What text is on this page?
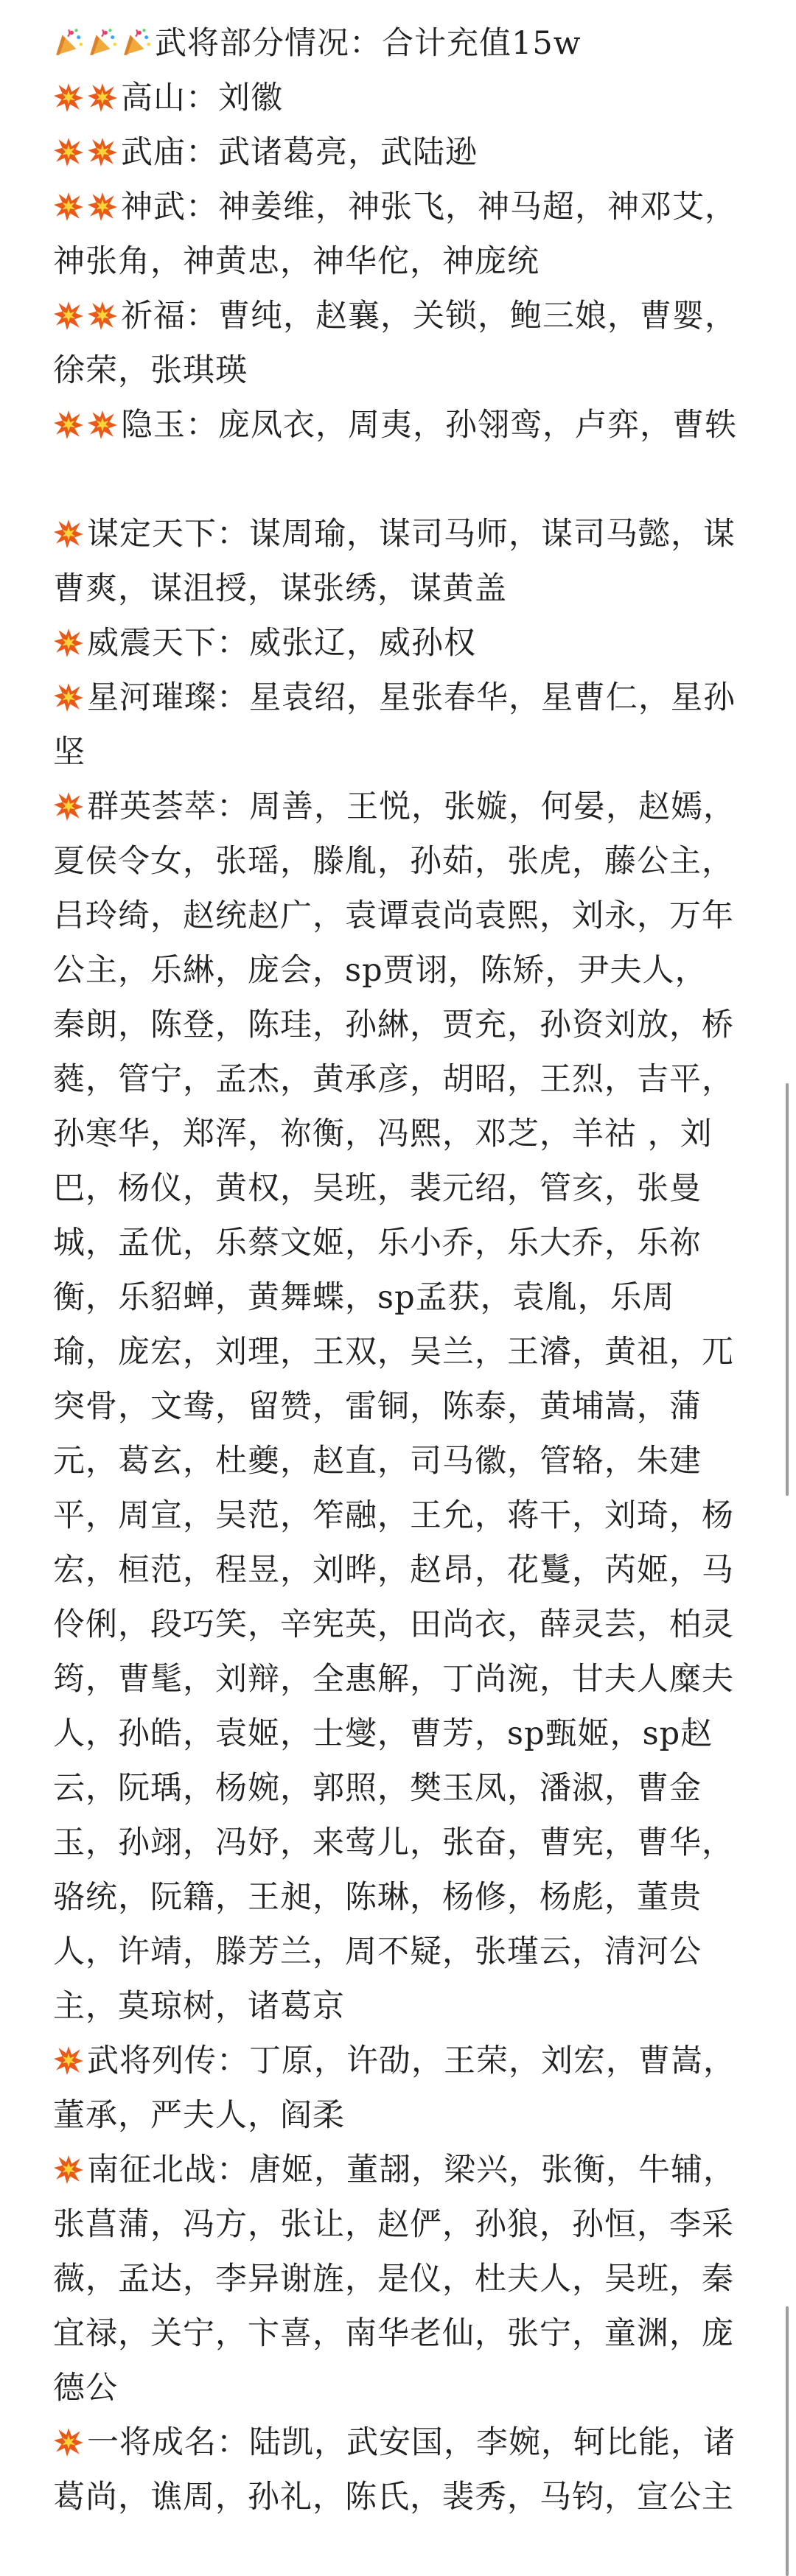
武将部分情况：合计充值15w

高山：刘徽

武庙：武诸葛亮，武陆逊

神武：神姜维，神张飞，神马超，神邓艾，神张角，神黄忠，神华佗，神庞统

祈福：曹纯，赵襄，关锁，鲍三娘，曹婴，徐荣，张琪瑛

隐玉：庞凤衣，周夷，孙翎鸾，卢弈，曹轶

谋定天下：谋周瑜，谋司马师，谋司马懿，谋曹爽，谋沮授，谋张绣，谋黄盖

威震天下：威张辽，威孙权

星河璀璨：星袁绍，星张春华，星曹仁，星孙坚

群英荟萃：周善，王悦，张嫙，何晏，赵嫣，夏侯令女，张瑶，滕胤，孙茹，张虎，藤公主，吕玲绮，赵统赵广，袁谭袁尚袁熙，刘永，万年公主，乐綝，庞会，sp贾诩，陈矫，尹夫人，秦朗，陈登，陈珪，孙綝，贾充，孙资刘放，桥蕤，管宁，孟杰，黄承彦，胡昭，王烈，吉平，孙寒华，郑浑，祢衡，冯熙，邓芝，羊祜 ，刘巴，杨仪，黄权，吴班，裴元绍，管亥，张曼城，孟优，乐蔡文姬，乐小乔，乐大乔，乐祢衡，乐貂蝉，黄舞蝶，sp孟获，袁胤，乐周瑜，庞宏，刘理，王双，吴兰，王濬，黄祖，兀突骨，文鸯，留赞，雷铜，陈泰，黄埔嵩，蒲元，葛玄，杜夔，赵直，司马徽，管辂，朱建平，周宣，吴范，笮融，王允，蒋干，刘琦，杨宏，桓范，程昱，刘晔，赵昂，花鬘，芮姬，马伶俐，段巧笑，辛宪英，田尚衣，薛灵芸，柏灵筠，曹髦，刘辩，全惠解，丁尚涴，甘夫人糜夫人，孙皓，袁姬，士燮，曹芳，sp甄姬，sp赵云，阮瑀，杨婉，郭照，樊玉凤，潘淑，曹金玉，孙翊，冯妤，来莺儿，张奋，曹宪，曹华，骆统，阮籍，王昶，陈琳，杨修，杨彪，董贵人，许靖，滕芳兰，周不疑，张瑾云，清河公主，莫琼树，诸葛京

武将列传：丁原，许劭，王荣，刘宏，曹嵩，董承，严夫人，阎柔

南征北战：唐姬，董翓，梁兴，张衡，牛辅，张菖蒲，冯方，张让，赵俨，孙狼，孙恒，李采薇，孟达，李异谢旌，是仪，杜夫人，吴班，秦宜禄，关宁，卞喜，南华老仙，张宁，童渊，庞德公

一将成名：陆凯，武安国，李婉，轲比能，诸葛尚，谯周，孙礼，陈氏，裴秀，马钧，宣公主
